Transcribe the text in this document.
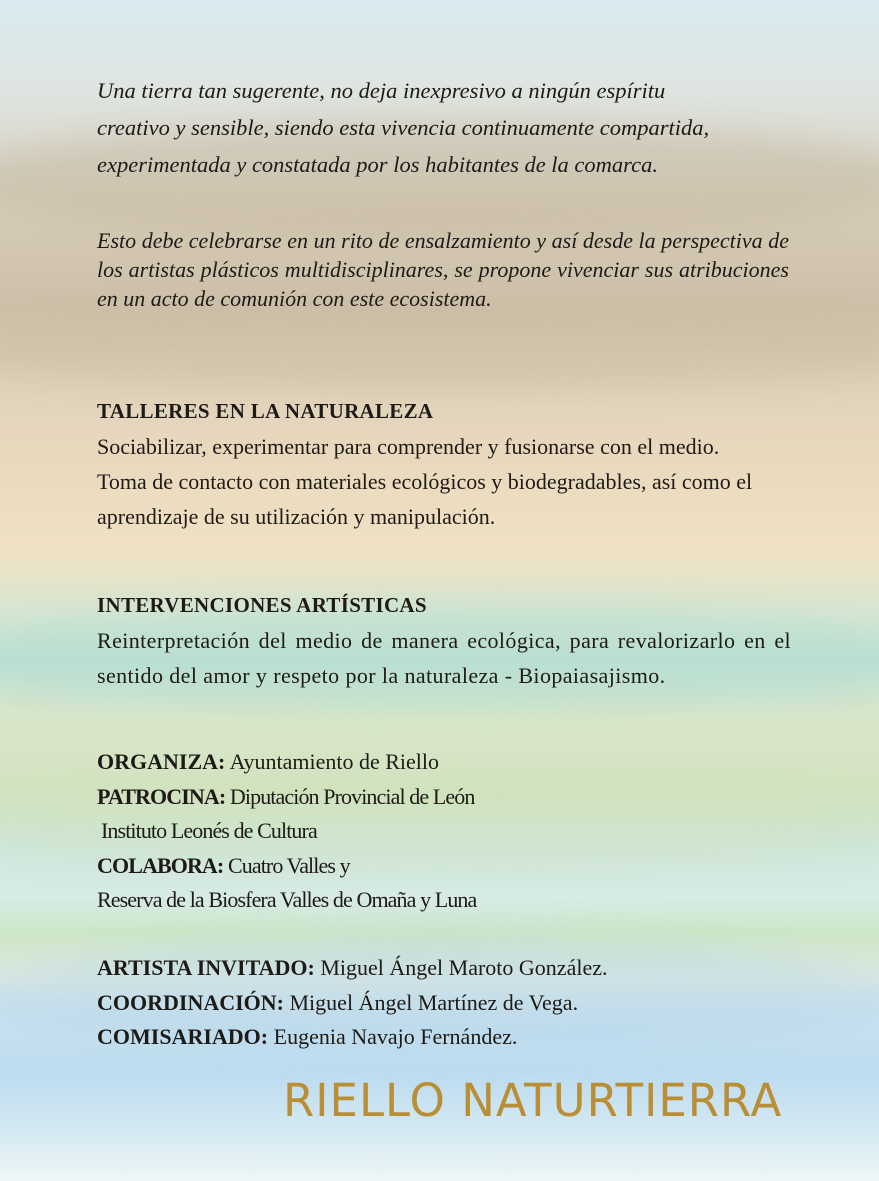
Una tierra tan sugerente, no deja inexpresivo a ningún espíritu
creativo y sensible, siendo esta vivencia continuamente compartida,
experimentada y constatada por los habitantes de la comarca.

Esto debe celebrarse en un rito de ensalzamiento y así desde la perspectiva de los artistas plásticos multidisciplinares, se propone vivenciar sus atribuciones en un acto de comunión con este ecosistema.

TALLERES EN LA NATURALEZA
Sociabilizar, experimentar para comprender y fusionarse con el medio.
Toma de contacto con materiales ecológicos y biodegradables, así como el aprendizaje de su utilización y manipulación.
INTERVENCIONES ARTÍSTICAS
Reinterpretación del medio de manera ecológica, para revalorizarlo en el sentido del amor y respeto por la naturaleza - Biopaiasajismo.
ORGANIZA: Ayuntamiento de Riello
PATROCINA: Diputación Provincial de León
Instituto Leonés de Cultura
COLABORA: Cuatro Valles y
Reserva de la Biosfera Valles de Omaña y Luna
ARTISTA INVITADO: Miguel Ángel Maroto González.
COORDINACIÓN: Miguel Ángel Martínez de Vega.
COMISARIADO: Eugenia Navajo Fernández.
RIELLO NATURTIERRA
